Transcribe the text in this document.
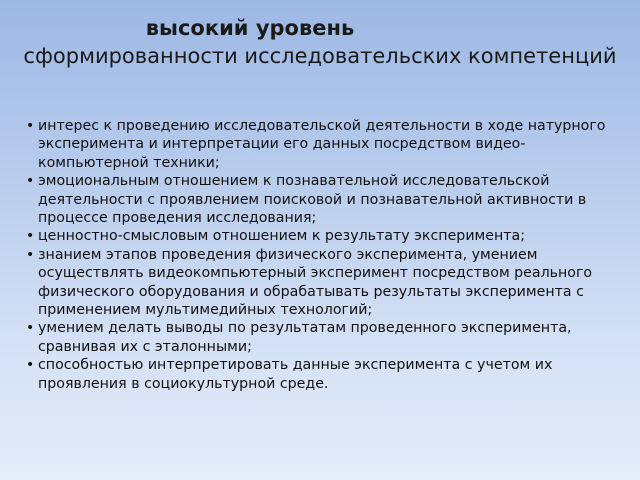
высокий уровень
сформированности исследовательских компетенций
• интерес к проведению исследовательской деятельности в ходе натурного эксперимента и интерпретации его данных посредством видео-компьютерной техники;
• эмоциональным отношением к познавательной исследовательской деятельности с проявлением поисковой и познавательной активности в процессе проведения исследования;
• ценностно-смысловым отношением к результату эксперимента;
• знанием этапов проведения физического эксперимента, умением осуществлять видеокомпьютерный эксперимент посредством реального физического оборудования и обрабатывать результаты эксперимента с применением мультимедийных технологий;
• умением делать выводы по результатам проведенного эксперимента, сравнивая их с эталонными;
• способностью интерпретировать данные эксперимента с учетом их проявления в социокультурной среде.
